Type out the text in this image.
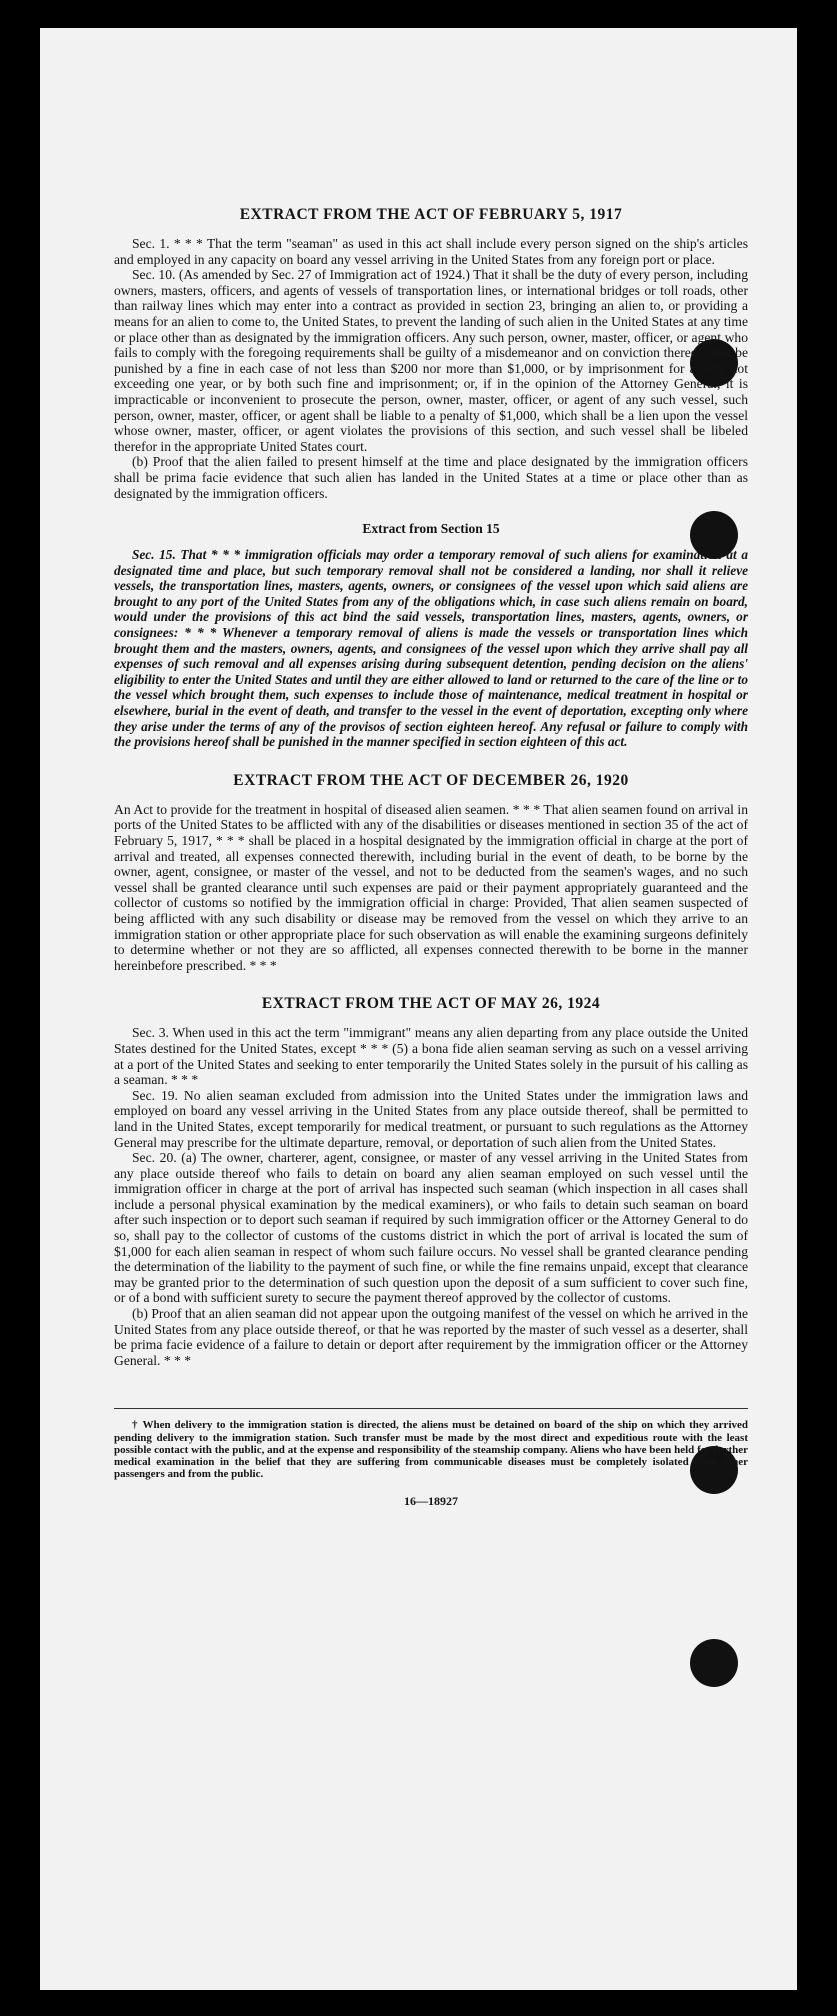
EXTRACT FROM THE ACT OF FEBRUARY 5, 1917

Sec. 1. * * * That the term "seaman" as used in this act shall include every person signed on the ship's articles and employed in any capacity on board any vessel arriving in the United States from any foreign port or place.

Sec. 10. (As amended by Sec. 27 of Immigration act of 1924.) That it shall be the duty of every person, including owners, masters, officers, and agents of vessels of transportation lines, or international bridges or toll roads, other than railway lines which may enter into a contract as provided in section 23, bringing an alien to, or providing a means for an alien to come to, the United States, to prevent the landing of such alien in the United States at any time or place other than as designated by the immigration officers. Any such person, owner, master, officer, or agent who fails to comply with the foregoing requirements shall be guilty of a misdemeanor and on conviction thereof shall be punished by a fine in each case of not less than $200 nor more than $1,000, or by imprisonment for a term not exceeding one year, or by both such fine and imprisonment; or, if in the opinion of the Attorney General, it is impracticable or inconvenient to prosecute the person, owner, master, officer, or agent of any such vessel, such person, owner, master, officer, or agent shall be liable to a penalty of $1,000, which shall be a lien upon the vessel whose owner, master, officer, or agent violates the provisions of this section, and such vessel shall be libeled therefor in the appropriate United States court.

(b) Proof that the alien failed to present himself at the time and place designated by the immigration officers shall be prima facie evidence that such alien has landed in the United States at a time or place other than as designated by the immigration officers.

Extract from Section 15

Sec. 15. That * * * immigration officials may order a temporary removal of such aliens for examination at a designated time and place, but such temporary removal shall not be considered a landing, nor shall it relieve vessels, the transportation lines, masters, agents, owners, or consignees of the vessel upon which said aliens are brought to any port of the United States from any of the obligations which, in case such aliens remain on board, would under the provisions of this act bind the said vessels, transportation lines, masters, agents, owners, or consignees: * * * Whenever a temporary removal of aliens is made the vessels or transportation lines which brought them and the masters, owners, agents, and consignees of the vessel upon which they arrive shall pay all expenses of such removal and all expenses arising during subsequent detention, pending decision on the aliens' eligibility to enter the United States and until they are either allowed to land or returned to the care of the line or to the vessel which brought them, such expenses to include those of maintenance, medical treatment in hospital or elsewhere, burial in the event of death, and transfer to the vessel in the event of deportation, excepting only where they arise under the terms of any of the provisos of section eighteen hereof. Any refusal or failure to comply with the provisions hereof shall be punished in the manner specified in section eighteen of this act.

EXTRACT FROM THE ACT OF DECEMBER 26, 1920

An Act to provide for the treatment in hospital of diseased alien seamen. * * * That alien seamen found on arrival in ports of the United States to be afflicted with any of the disabilities or diseases mentioned in section 35 of the act of February 5, 1917, * * * shall be placed in a hospital designated by the immigration official in charge at the port of arrival and treated, all expenses connected therewith, including burial in the event of death, to be borne by the owner, agent, consignee, or master of the vessel, and not to be deducted from the seamen's wages, and no such vessel shall be granted clearance until such expenses are paid or their payment appropriately guaranteed and the collector of customs so notified by the immigration official in charge: Provided, That alien seamen suspected of being afflicted with any such disability or disease may be removed from the vessel on which they arrive to an immigration station or other appropriate place for such observation as will enable the examining surgeons definitely to determine whether or not they are so afflicted, all expenses connected therewith to be borne in the manner hereinbefore prescribed. * * *

EXTRACT FROM THE ACT OF MAY 26, 1924

Sec. 3. When used in this act the term "immigrant" means any alien departing from any place outside the United States destined for the United States, except * * * (5) a bona fide alien seaman serving as such on a vessel arriving at a port of the United States and seeking to enter temporarily the United States solely in the pursuit of his calling as a seaman. * * *

Sec. 19. No alien seaman excluded from admission into the United States under the immigration laws and employed on board any vessel arriving in the United States from any place outside thereof, shall be permitted to land in the United States, except temporarily for medical treatment, or pursuant to such regulations as the Attorney General may prescribe for the ultimate departure, removal, or deportation of such alien from the United States.

Sec. 20. (a) The owner, charterer, agent, consignee, or master of any vessel arriving in the United States from any place outside thereof who fails to detain on board any alien seaman employed on such vessel until the immigration officer in charge at the port of arrival has inspected such seaman (which inspection in all cases shall include a personal physical examination by the medical examiners), or who fails to detain such seaman on board after such inspection or to deport such seaman if required by such immigration officer or the Attorney General to do so, shall pay to the collector of customs of the customs district in which the port of arrival is located the sum of $1,000 for each alien seaman in respect of whom such failure occurs. No vessel shall be granted clearance pending the determination of the liability to the payment of such fine, or while the fine remains unpaid, except that clearance may be granted prior to the determination of such question upon the deposit of a sum sufficient to cover such fine, or of a bond with sufficient surety to secure the payment thereof approved by the collector of customs.

(b) Proof that an alien seaman did not appear upon the outgoing manifest of the vessel on which he arrived in the United States from any place outside thereof, or that he was reported by the master of such vessel as a deserter, shall be prima facie evidence of a failure to detain or deport after requirement by the immigration officer or the Attorney General. * * *

† When delivery to the immigration station is directed, the aliens must be detained on board of the ship on which they arrived pending delivery to the immigration station. Such transfer must be made by the most direct and expeditious route with the least possible contact with the public, and at the expense and responsibility of the steamship company. Aliens who have been held for further medical examination in the belief that they are suffering from communicable diseases must be completely isolated from other passengers and from the public.

16—18927
